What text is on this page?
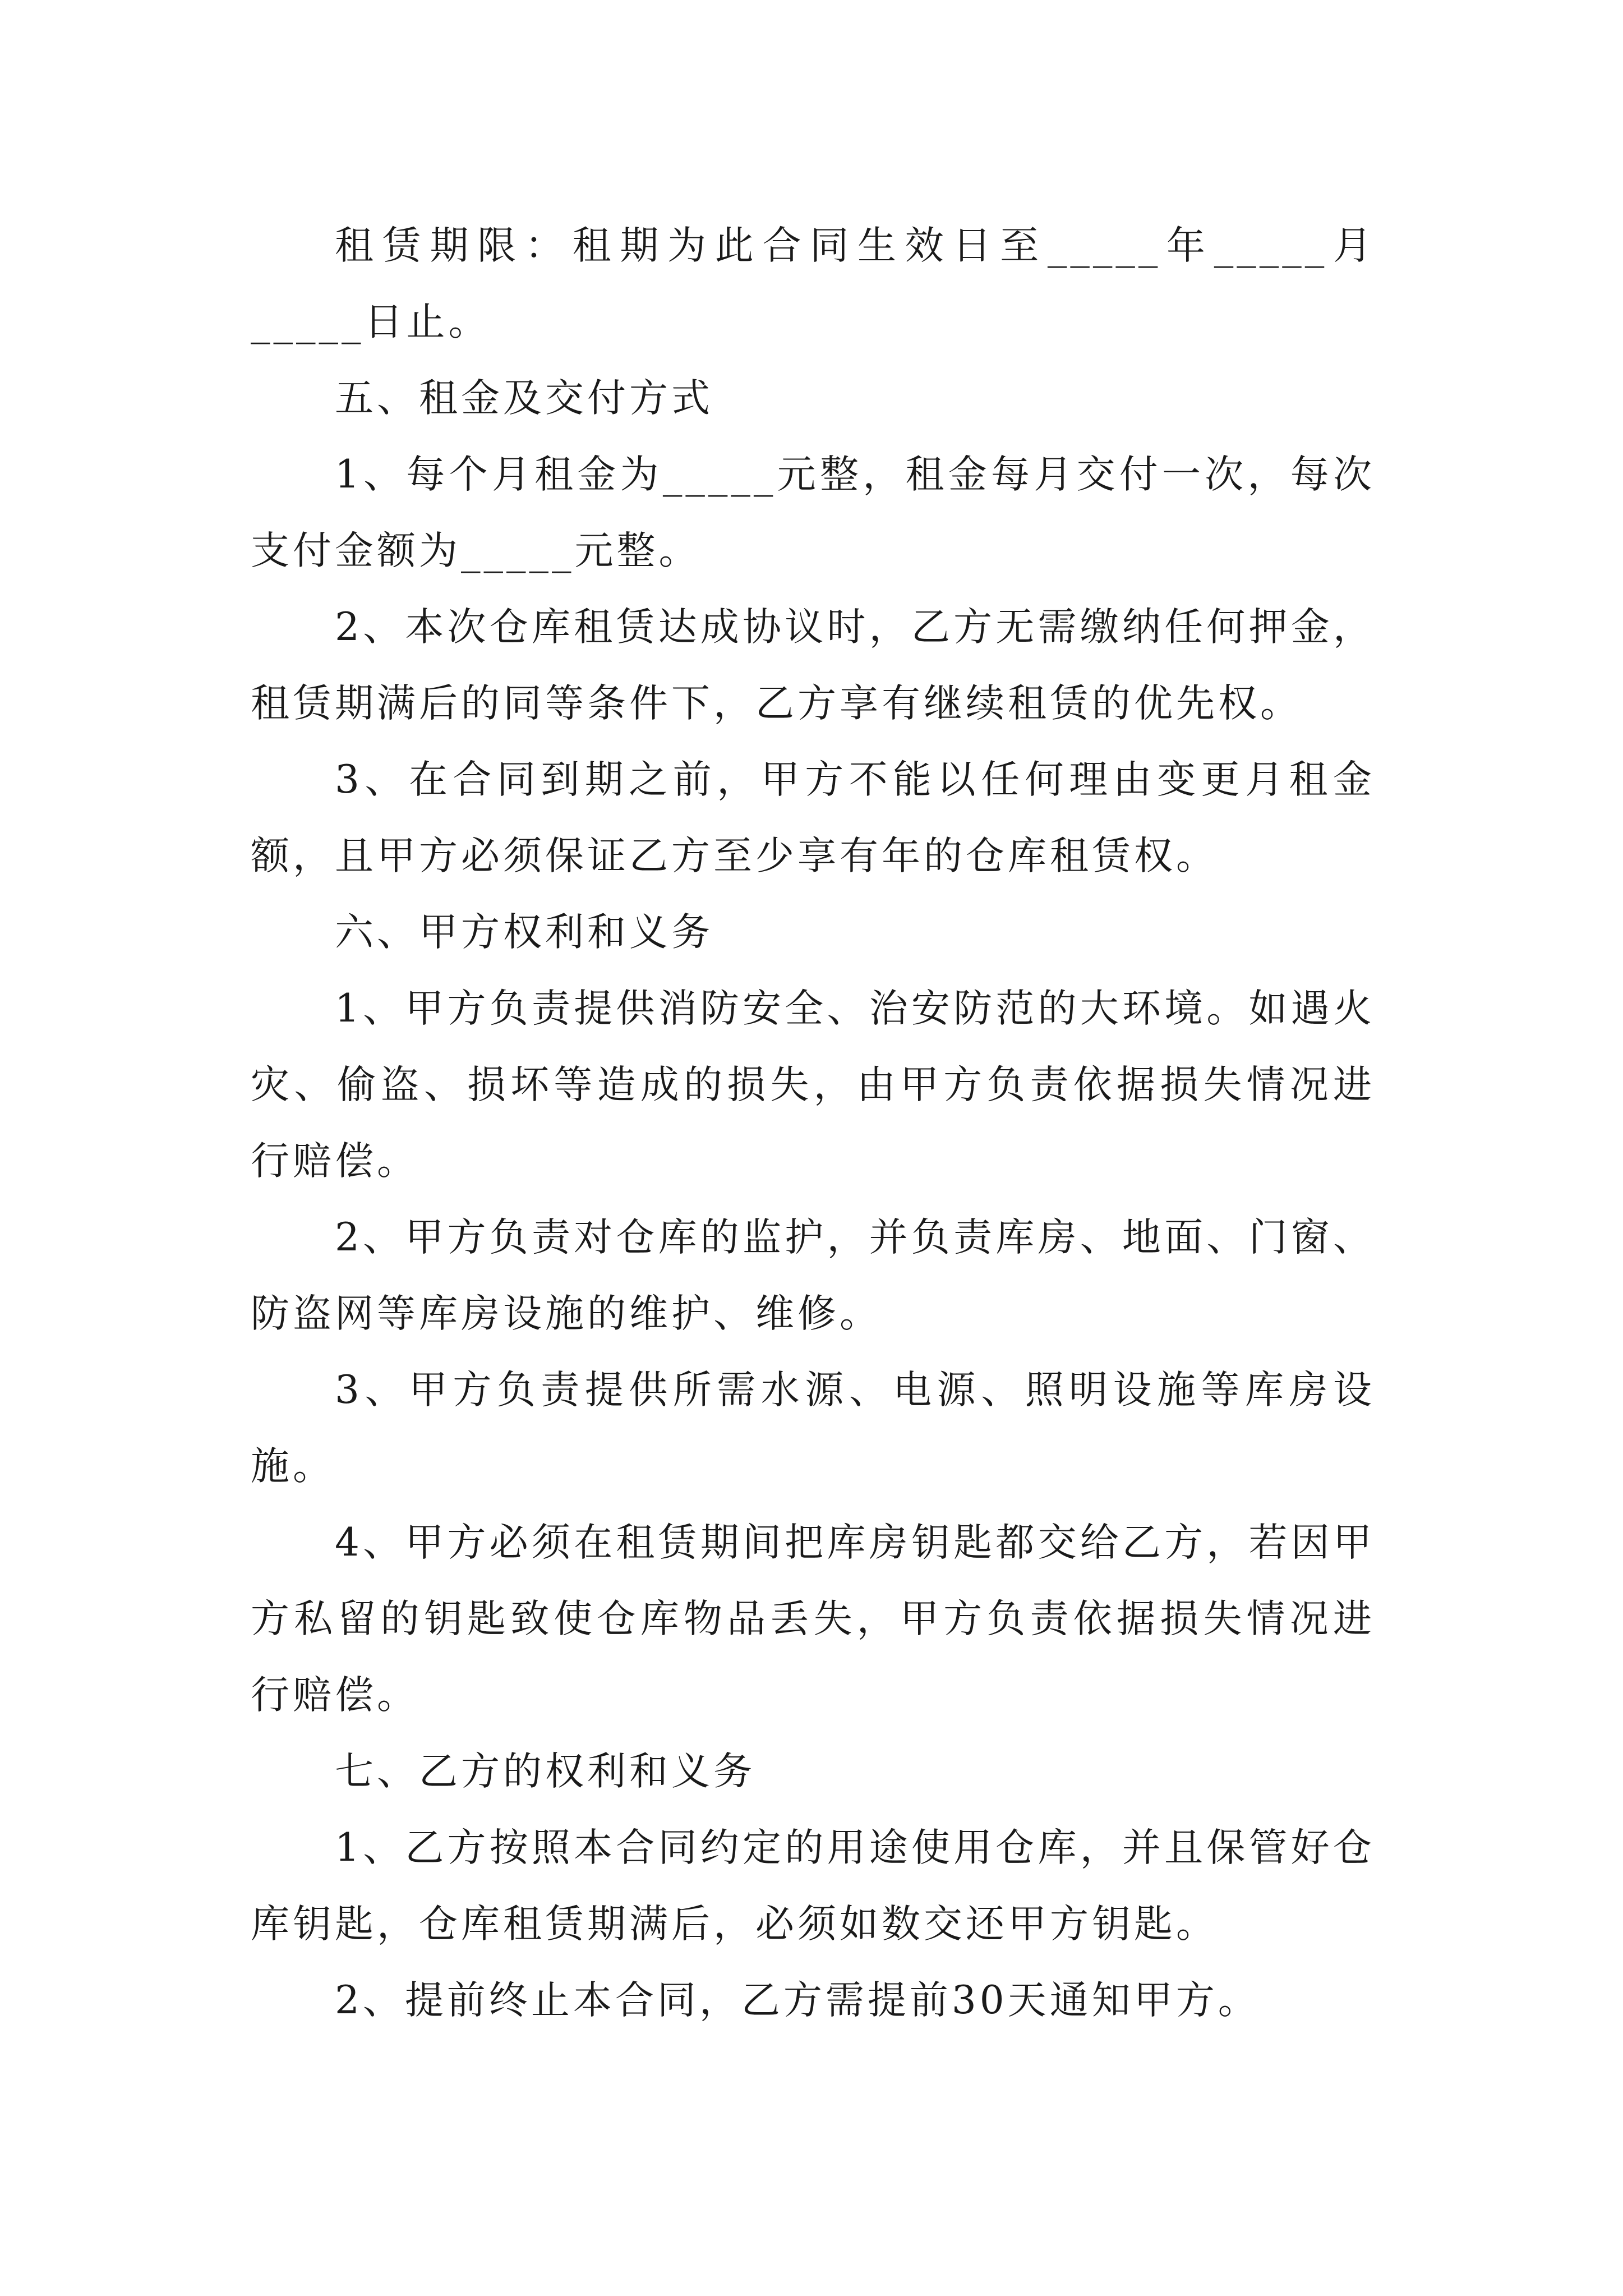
租赁期限：租期为此合同生效日至_____年_____月_____日止。

五、租金及交付方式

1、每个月租金为_____元整，租金每月交付一次，每次支付金额为_____元整。

2、本次仓库租赁达成协议时，乙方无需缴纳任何押金，租赁期满后的同等条件下，乙方享有继续租赁的优先权。

3、在合同到期之前，甲方不能以任何理由变更月租金额，且甲方必须保证乙方至少享有年的仓库租赁权。

六、甲方权利和义务

1、甲方负责提供消防安全、治安防范的大环境。如遇火灾、偷盗、损坏等造成的损失，由甲方负责依据损失情况进行赔偿。

2、甲方负责对仓库的监护，并负责库房、地面、门窗、防盗网等库房设施的维护、维修。

3、甲方负责提供所需水源、电源、照明设施等库房设施。

4、甲方必须在租赁期间把库房钥匙都交给乙方，若因甲方私留的钥匙致使仓库物品丢失，甲方负责依据损失情况进行赔偿。

七、乙方的权利和义务

1、乙方按照本合同约定的用途使用仓库，并且保管好仓库钥匙，仓库租赁期满后，必须如数交还甲方钥匙。

2、提前终止本合同，乙方需提前30天通知甲方。
